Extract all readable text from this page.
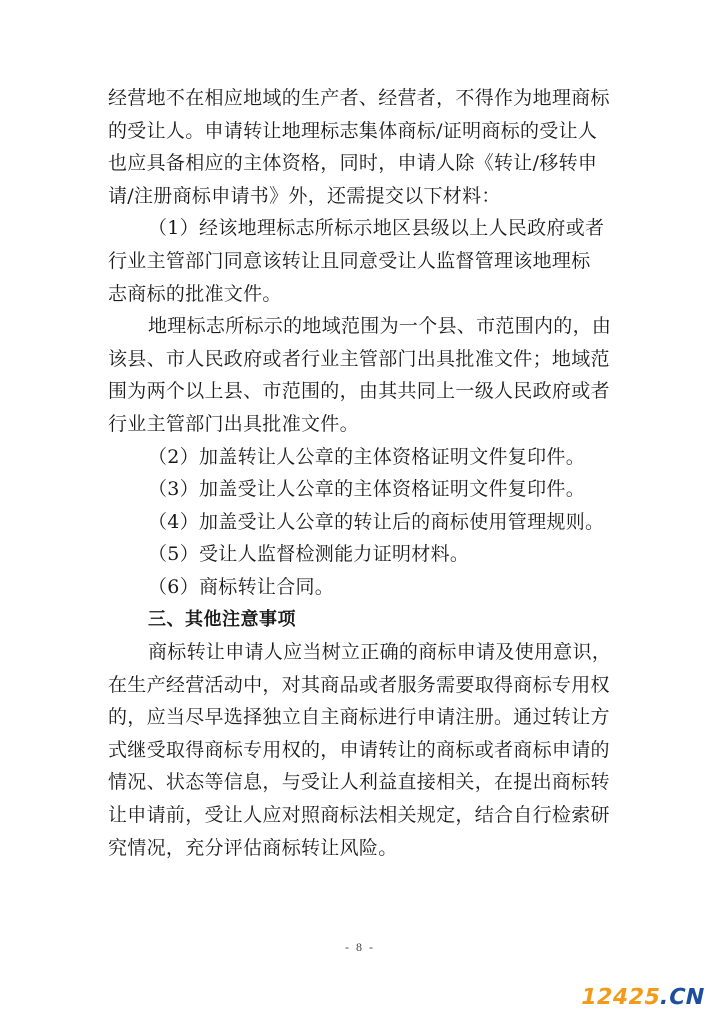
经营地不在相应地域的生产者、经营者，不得作为地理商标
的受让人。申请转让地理标志集体商标/证明商标的受让人
也应具备相应的主体资格，同时，申请人除《转让/移转申
请/注册商标申请书》外，还需提交以下材料：
（1）经该地理标志所标示地区县级以上人民政府或者
行业主管部门同意该转让且同意受让人监督管理该地理标
志商标的批准文件。
地理标志所标示的地域范围为一个县、市范围内的，由
该县、市人民政府或者行业主管部门出具批准文件；地域范
围为两个以上县、市范围的，由其共同上一级人民政府或者
行业主管部门出具批准文件。
（2）加盖转让人公章的主体资格证明文件复印件。
（3）加盖受让人公章的主体资格证明文件复印件。
（4）加盖受让人公章的转让后的商标使用管理规则。
（5）受让人监督检测能力证明材料。
（6）商标转让合同。
三、其他注意事项
商标转让申请人应当树立正确的商标申请及使用意识，
在生产经营活动中，对其商品或者服务需要取得商标专用权
的，应当尽早选择独立自主商标进行申请注册。通过转让方
式继受取得商标专用权的，申请转让的商标或者商标申请的
情况、状态等信息，与受让人利益直接相关，在提出商标转
让申请前，受让人应对照商标法相关规定，结合自行检索研
究情况，充分评估商标转让风险。
- 8 -
12425.CN
